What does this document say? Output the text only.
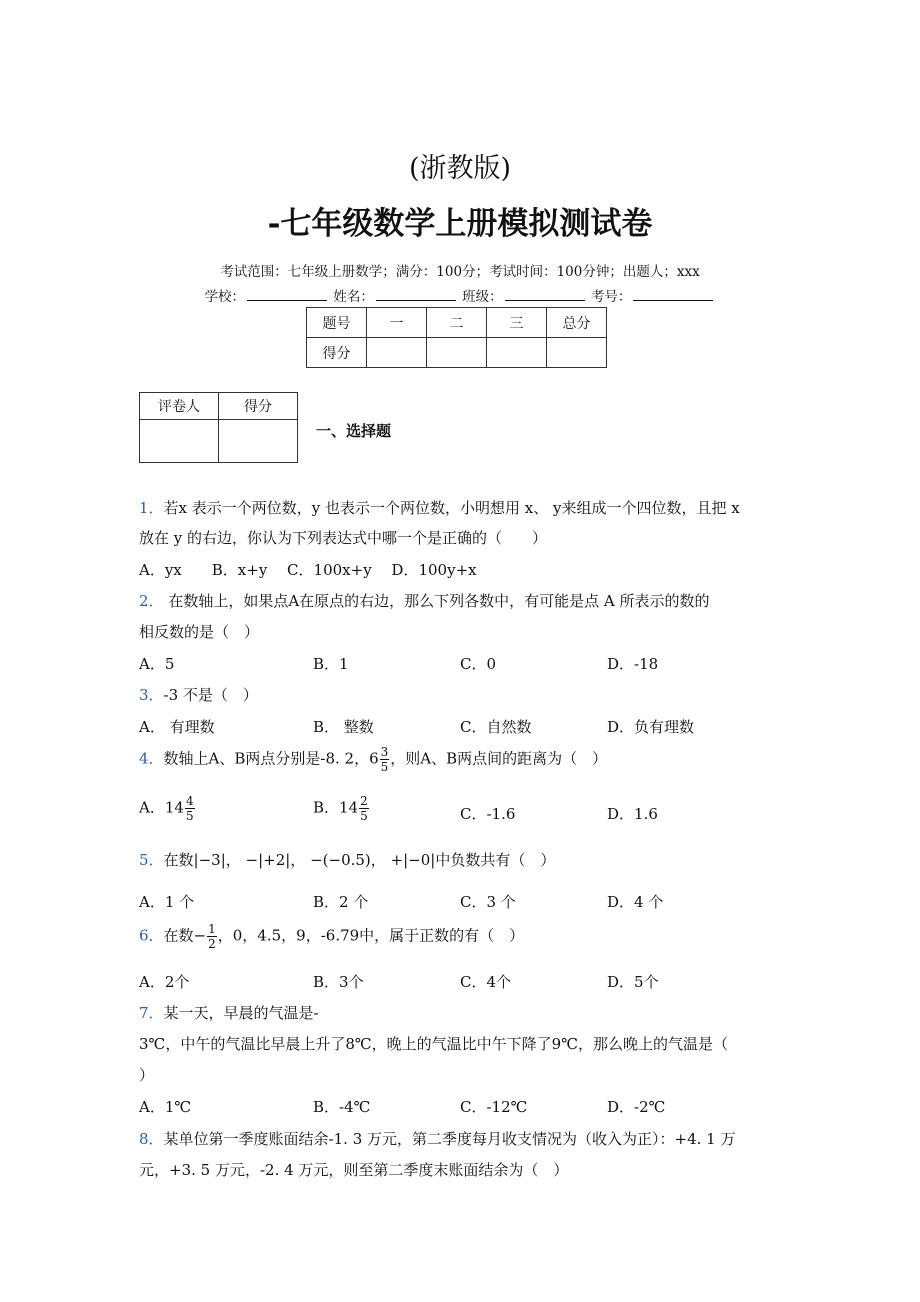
(浙教版)
-七年级数学上册模拟测试卷
考试范围：七年级上册数学；满分：100分；考试时间：100分钟；出题人；xxx
学校：	姓名：	班级：	考号：
题号	一	二	三	总分
得分				
评卷人	得分

一、选择题
1．若x 表示一个两位数，y 也表示一个两位数，小明想用 x、 y来组成一个四位数，且把 x
放在 y 的右边，你认为下列表达式中哪一个是正确的（　　）
A．yx　　B．x+y　 C．100x+y　 D．100y+x
2． 在数轴上，如果点A在原点的右边，那么下列各数中，有可能是点 A 所表示的数的
相反数的是（　）
A．5	B．1	C．0	D．-18
3．-3 不是（　）
A． 有理数	B． 整数	C．自然数	D．负有理数
4．数轴上A、B两点分别是-8. 2，$6 \frac{3}{5}$ ，则A、B两点间的距离为（　）
A．$14 \frac{4}{5}$	B．$14 \frac{2}{5}$	C．-1.6	D．1.6
5．在数|−3|， −|+2|， −(−0.5)， +|−0|中负数共有（　）
A．1 个	B．2 个	C．3 个	D．4 个
6．在数− $\frac{1}{2}$ ，0，4.5，9，-6.79中，属于正数的有（　）
A．2个	B．3个	C．4个	D．5个
7．某一天，早晨的气温是-
3℃，中午的气温比早晨上升了8℃，晚上的气温比中午下降了9℃，那么晚上的气温是（
）
A．1℃	B．-4℃	C．-12℃	D．-2℃
8．某单位第一季度账面结余-1. 3 万元，第二季度每月收支情况为（收入为正）：+4. 1 万
元，+3. 5 万元，-2. 4 万元，则至第二季度末账面结余为（　）
